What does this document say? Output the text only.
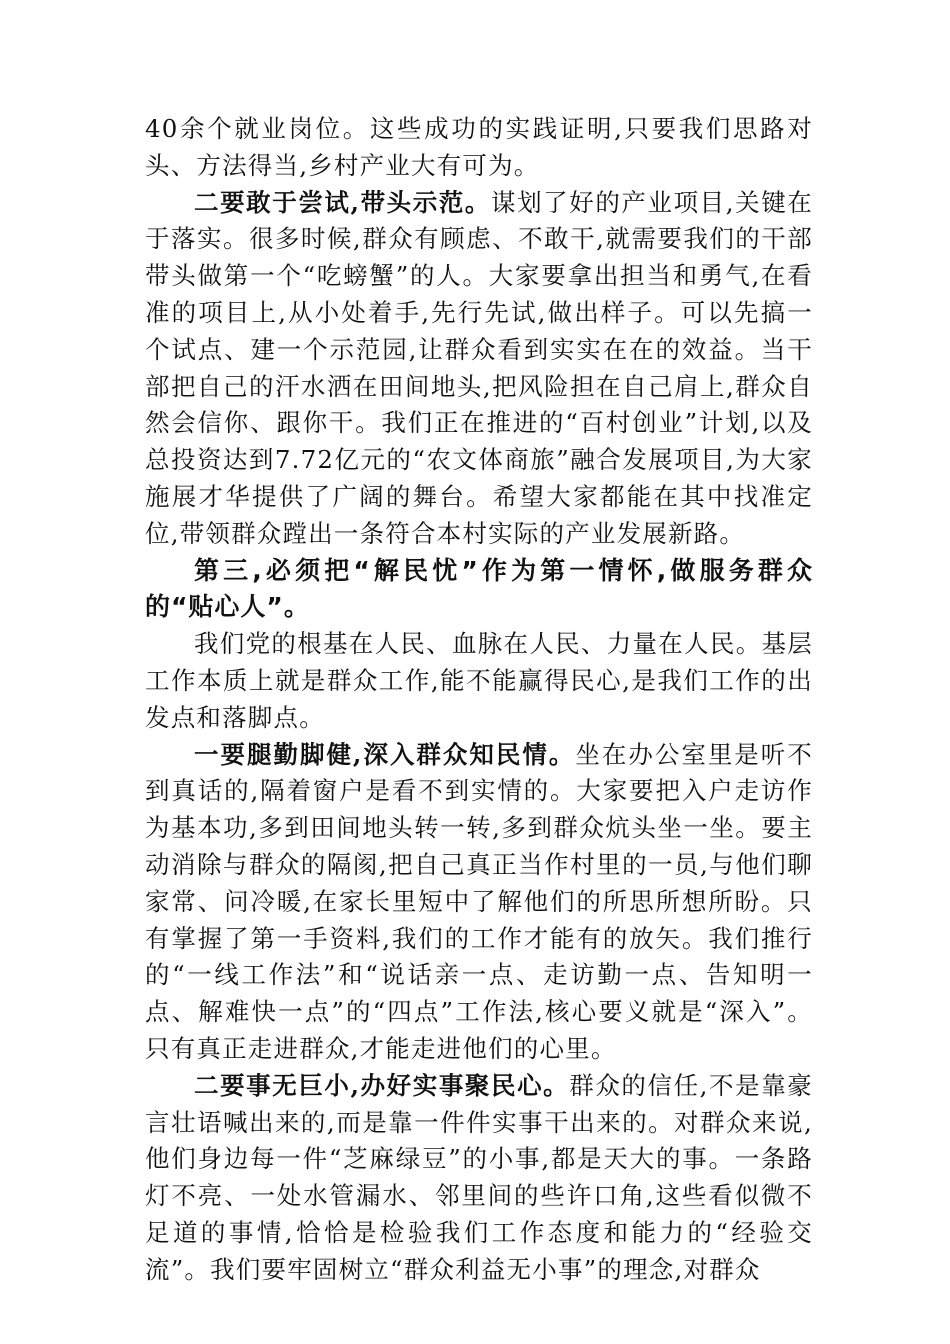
40余个就业岗位。这些成功的实践证明,只要我们思路对头、方法得当,乡村产业大有可为。

二要敢于尝试,带头示范。谋划了好的产业项目,关键在于落实。很多时候,群众有顾虑、不敢干,就需要我们的干部带头做第一个“吃螃蟹”的人。大家要拿出担当和勇气,在看准的项目上,从小处着手,先行先试,做出样子。可以先搞一个试点、建一个示范园,让群众看到实实在在的效益。当干部把自己的汗水洒在田间地头,把风险担在自己肩上,群众自然会信你、跟你干。我们正在推进的“百村创业”计划,以及总投资达到7.72亿元的“农文体商旅”融合发展项目,为大家施展才华提供了广阔的舞台。希望大家都能在其中找准定位,带领群众蹚出一条符合本村实际的产业发展新路。

第三,必须把“解民忧”作为第一情怀,做服务群众的“贴心人”。

我们党的根基在人民、血脉在人民、力量在人民。基层工作本质上就是群众工作,能不能赢得民心,是我们工作的出发点和落脚点。

一要腿勤脚健,深入群众知民情。坐在办公室里是听不到真话的,隔着窗户是看不到实情的。大家要把入户走访作为基本功,多到田间地头转一转,多到群众炕头坐一坐。要主动消除与群众的隔阂,把自己真正当作村里的一员,与他们聊家常、问冷暖,在家长里短中了解他们的所思所想所盼。只有掌握了第一手资料,我们的工作才能有的放矢。我们推行的“一线工作法”和“说话亲一点、走访勤一点、告知明一点、解难快一点”的“四点”工作法,核心要义就是“深入”。只有真正走进群众,才能走进他们的心里。

二要事无巨小,办好实事聚民心。群众的信任,不是靠豪言壮语喊出来的,而是靠一件件实事干出来的。对群众来说,他们身边每一件“芝麻绿豆”的小事,都是天大的事。一条路灯不亮、一处水管漏水、邻里间的些许口角,这些看似微不足道的事情,恰恰是检验我们工作态度和能力的“经验交流”。我们要牢固树立“群众利益无小事”的理念,对群众
